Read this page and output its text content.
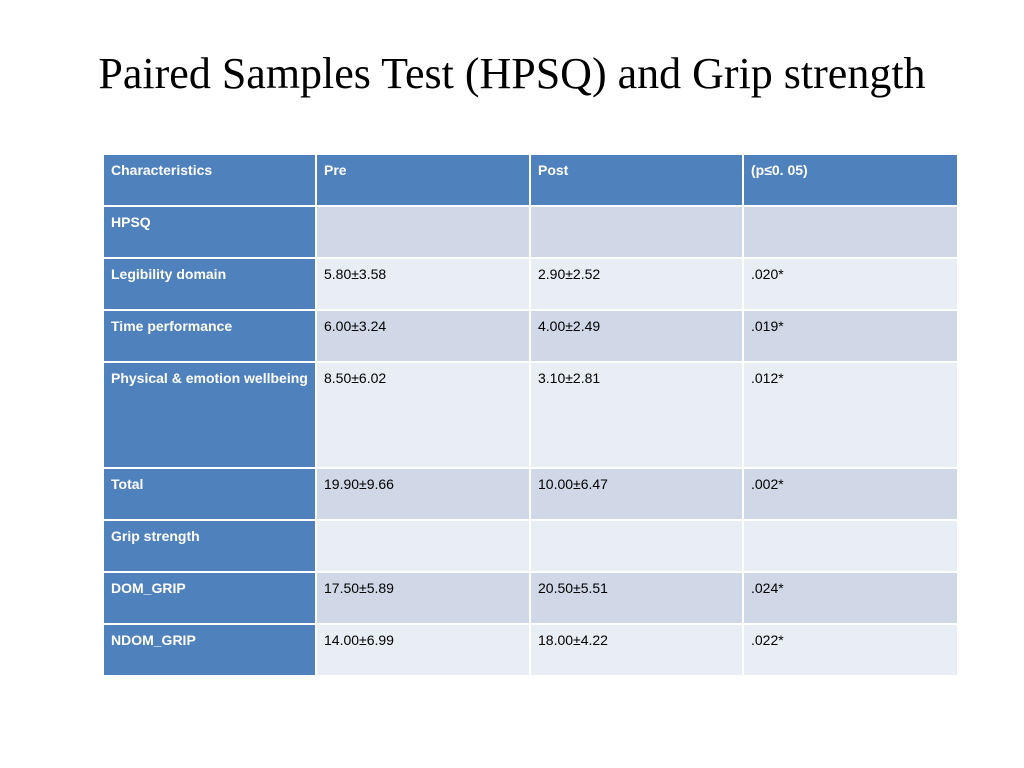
Paired Samples Test (HPSQ) and Grip strength
Characteristics	Pre	Post	(p≤0. 05)
HPSQ			
Legibility domain	5.80±3.58	2.90±2.52	.020*
Time performance	6.00±3.24	4.00±2.49	.019*
Physical & emotion wellbeing	8.50±6.02	3.10±2.81	.012*
Total	19.90±9.66	10.00±6.47	.002*
Grip strength			
DOM_GRIP	17.50±5.89	20.50±5.51	.024*
NDOM_GRIP	14.00±6.99	18.00±4.22	.022*
